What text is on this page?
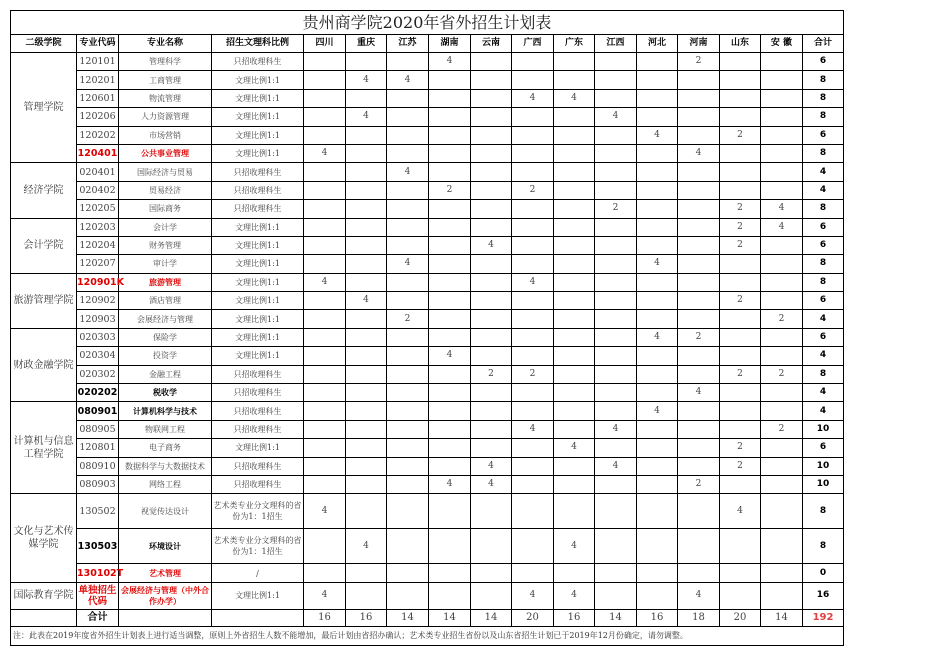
贵州商学院2020年省外招生计划表																
二级学院	专业代码	专业名称	招生文理科比例	四川	重庆	江苏	湖南	云南	广西	广东	江西	河北	河南	山东	安 徽	合计
管理学院	120101	管理科学	只招收理科生				4						2			6
	120201	工商管理	文理比例1:1		4	4										8
	120601	物流管理	文理比例1:1						4	4						8
	120206	人力资源管理	文理比例1:1		4						4					8
	120202	市场营销	文理比例1:1									4		2		6
	120401	公共事业管理	文理比例1:1	4									4			8
经济学院	020401	国际经济与贸易	只招收理科生			4										4
	020402	贸易经济	只招收理科生				2		2							4
	120205	国际商务	只招收理科生								2			2	4	8
会计学院	120203	会计学	文理比例1:1											2	4	6
	120204	财务管理	文理比例1:1					4						2		6
	120207	审计学	文理比例1:1			4						4				8
旅游管理学院	120901K	旅游管理	文理比例1:1	4					4							8
	120902	酒店管理	文理比例1:1		4									2		6
	120903	会展经济与管理	文理比例1:1			2									2	4
财政金融学院	020303	保险学	文理比例1:1									4	2			6
	020304	投资学	文理比例1:1				4									4
	020302	金融工程	只招收理科生					2	2					2	2	8
	020202	税收学	只招收理科生										4			4
计算机与信息工程学院	080901	计算机科学与技术	只招收理科生									4				4
	080905	物联网工程	只招收理科生						4		4				2	10
	120801	电子商务	文理比例1:1							4				2		6
	080910	数据科学与大数据技术	只招收理科生					4			4			2		10
	080903	网络工程	只招收理科生				4	4					2			10
文化与艺术传媒学院	130502	视觉传达设计	艺术类专业分文理科的省份为1：1招生	4										4		8
	130503	环境设计	艺术类专业分文理科的省份为1：1招生		4					4						8
	130102T	艺术管理	/													0
国际教育学院	单独招生代码	会展经济与管理（中外合作办学）	文理比例1:1	4					4	4			4			16
	合计			16	16	14	14	14	20	16	14	16	18	20	14	192
注：此表在2019年度省外招生计划表上进行适当调整，原则上外省招生人数不能增加，最后计划由省招办确认；艺术类专业招生省份以及山东省招生计划已于2019年12月份确定，请勿调整。																
